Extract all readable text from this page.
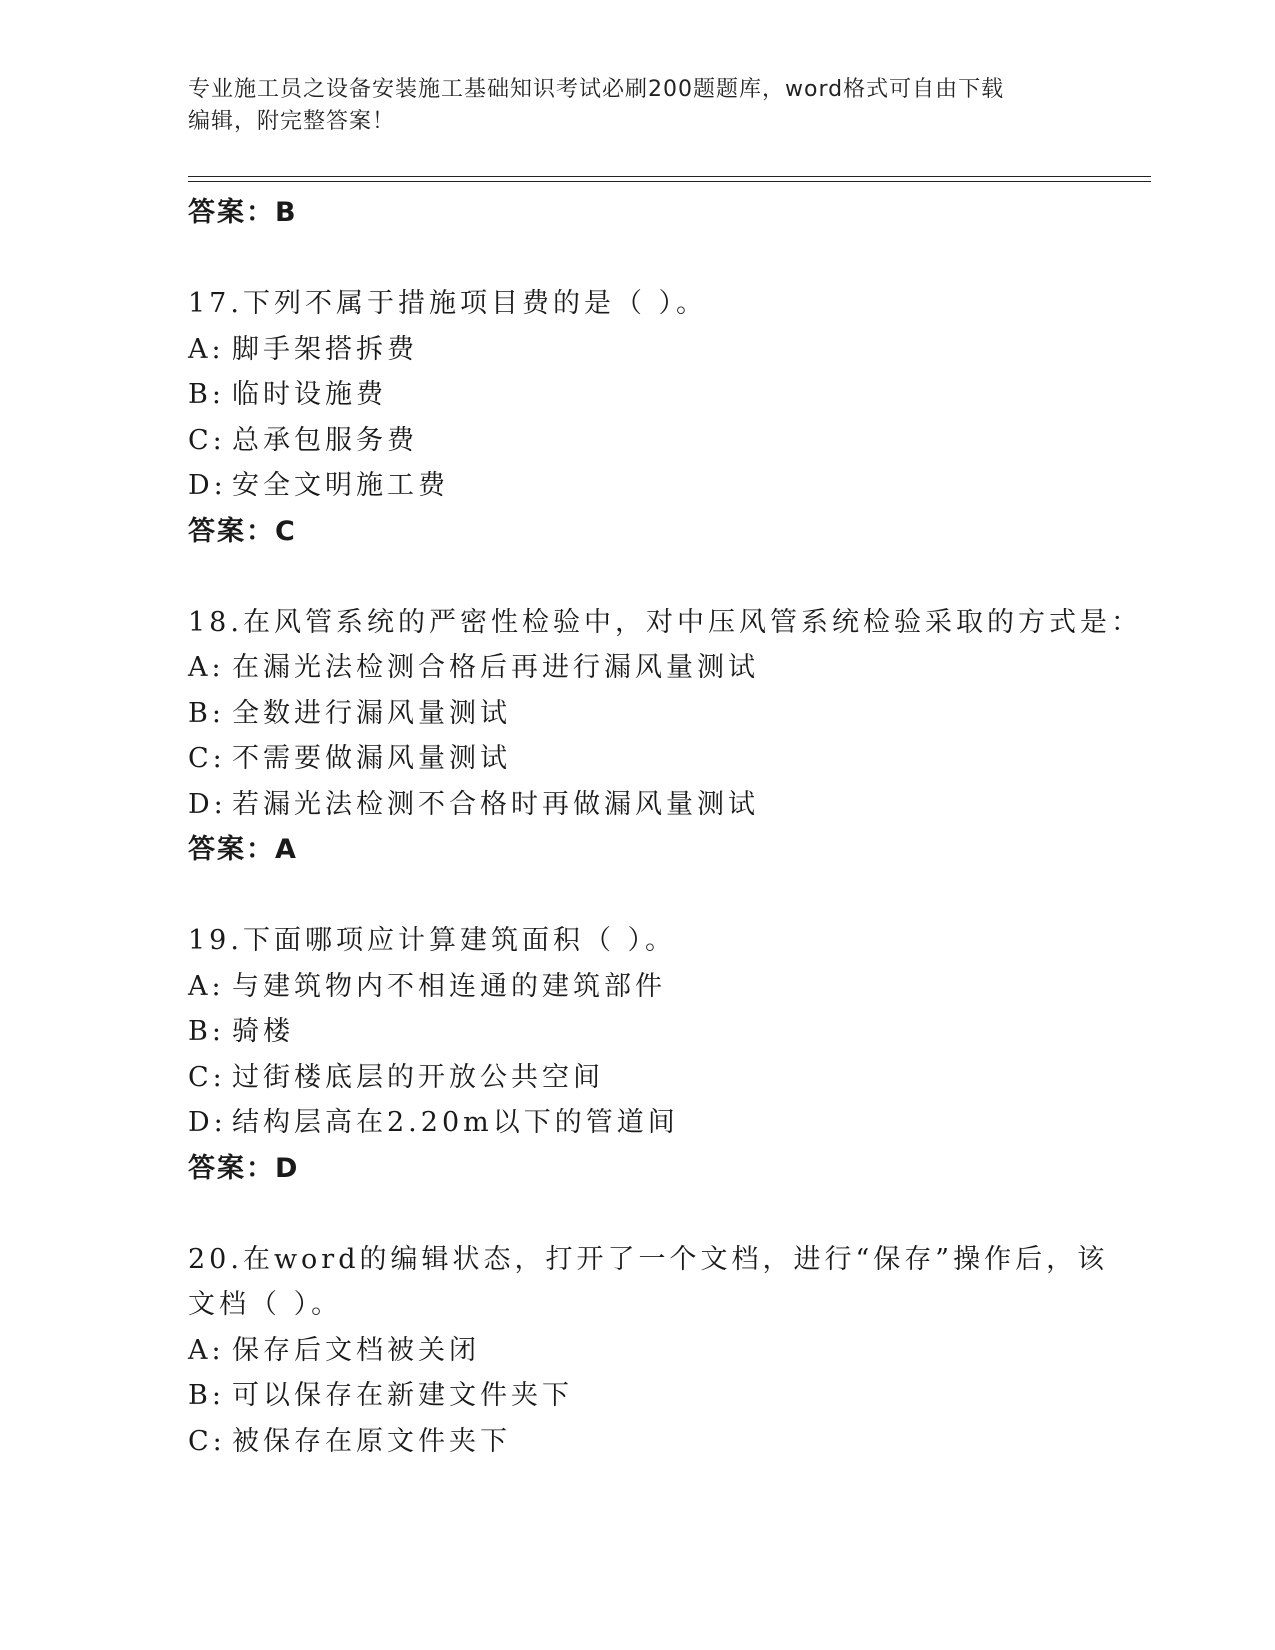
专业施工员之设备安装施工基础知识考试必刷200题题库，word格式可自由下载
编辑，附完整答案！
答案：B
17.下列不属于措施项目费的是（ ）。
A: 脚手架搭拆费
B: 临时设施费
C: 总承包服务费
D: 安全文明施工费
答案：C
18.在风管系统的严密性检验中，对中压风管系统检验采取的方式是：
A: 在漏光法检测合格后再进行漏风量测试
B: 全数进行漏风量测试
C: 不需要做漏风量测试
D: 若漏光法检测不合格时再做漏风量测试
答案：A
19.下面哪项应计算建筑面积（ ）。
A: 与建筑物内不相连通的建筑部件
B: 骑楼
C: 过街楼底层的开放公共空间
D: 结构层高在2.20m以下的管道间
答案：D
20.在word的编辑状态，打开了一个文档，进行“保存”操作后，该
文档（ ）。
A: 保存后文档被关闭
B: 可以保存在新建文件夹下
C: 被保存在原文件夹下
